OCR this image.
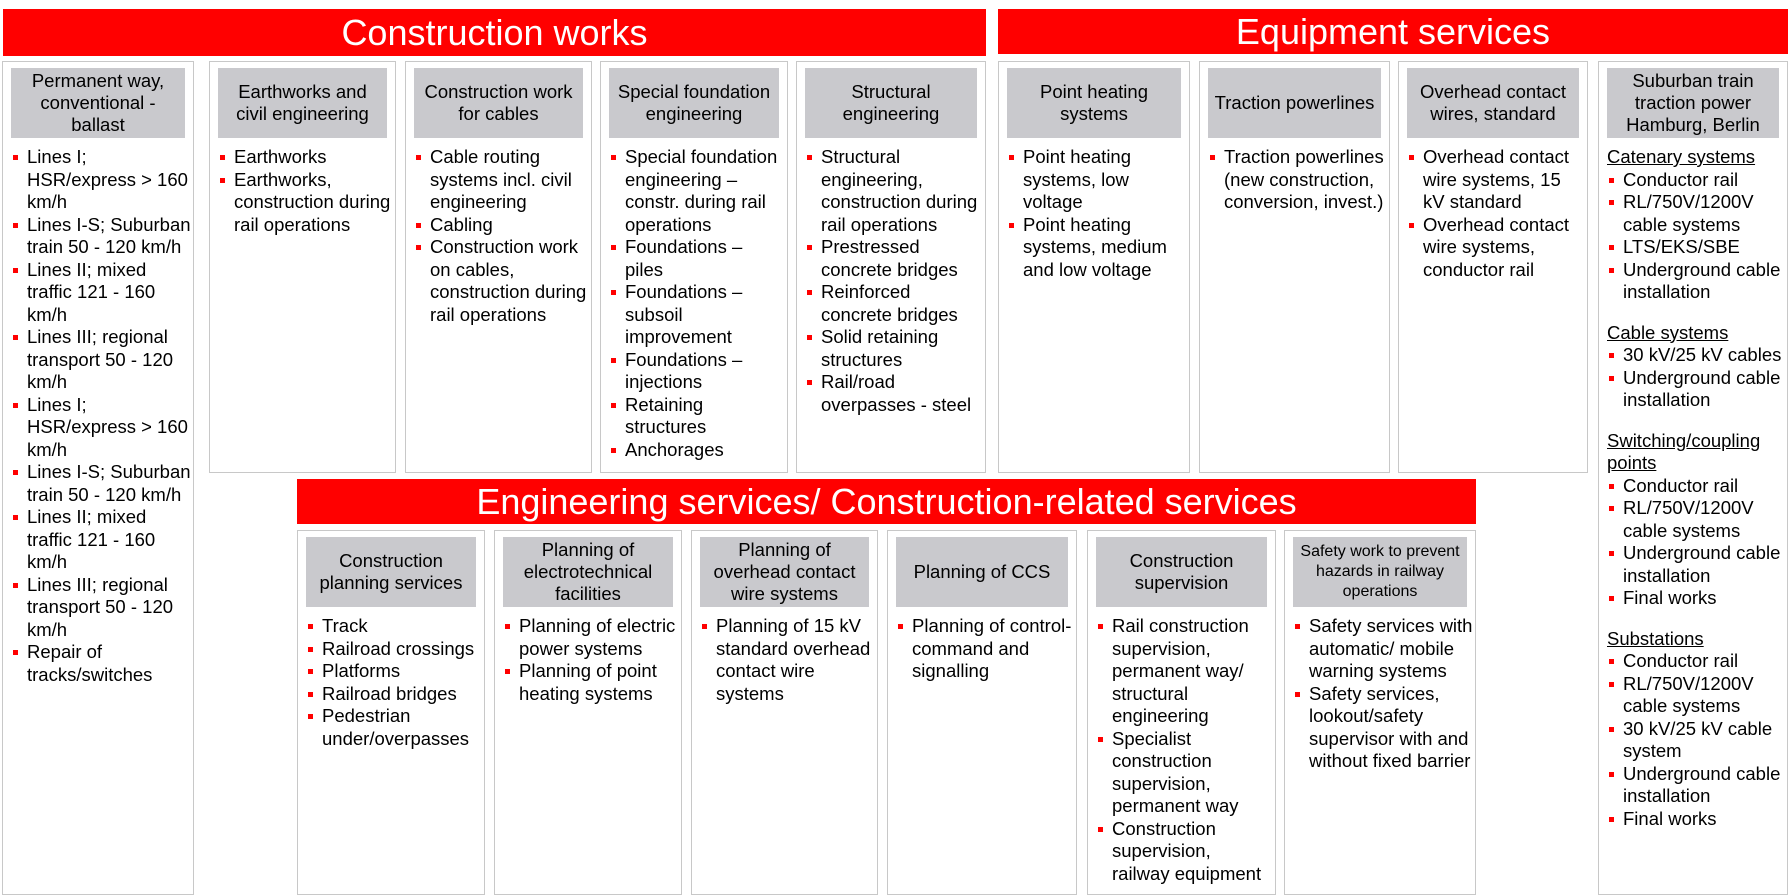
Construction works	Equipment services
Engineering services/ Construction-related services
Permanent way, conventional - ballast
Lines I; HSR/express > 160 km/h
Lines I-S; Suburban train 50 - 120 km/h
Lines II; mixed traffic 121 - 160 km/h
Lines III; regional transport 50 - 120 km/h
Lines I; HSR/express > 160 km/h
Lines I-S; Suburban train 50 - 120 km/h
Lines II; mixed traffic 121 - 160 km/h
Lines III; regional transport 50 - 120 km/h
Repair of tracks/switches
Earthworks and civil engineering
Earthworks
Earthworks, construction during rail operations
Construction work for cables
Cable routing systems incl. civil engineering
Cabling
Construction work on cables, construction during rail operations
Special foundation engineering
Special foundation engineering – constr. during rail operations
Foundations – piles
Foundations – subsoil improvement
Foundations – injections
Retaining structures
Anchorages
Structural engineering
Structural engineering, construction during rail operations
Prestressed concrete bridges
Reinforced concrete bridges
Solid retaining structures
Rail/road overpasses - steel
Point heating systems
Point heating systems, low voltage
Point heating systems, medium and low voltage
Traction powerlines
Traction powerlines (new construction, conversion, invest.)
Overhead contact wires, standard
Overhead contact wire systems, 15 kV standard
Overhead contact wire systems, conductor rail
Suburban train traction power Hamburg, Berlin
Catenary systems
Conductor rail
RL/750V/1200V cable systems
LTS/EKS/SBE
Underground cable installation
Cable systems
30 kV/25 kV cables
Underground cable installation
Switching/coupling points
Conductor rail
RL/750V/1200V cable systems
Underground cable installation
Final works
Substations
Conductor rail
RL/750V/1200V cable systems
30 kV/25 kV cable system
Underground cable installation
Final works
Construction planning services
Track
Railroad crossings
Platforms
Railroad bridges
Pedestrian under/overpasses
Planning of electrotechnical facilities
Planning of electric power systems
Planning of point heating systems
Planning of overhead contact wire systems
Planning of 15 kV standard overhead contact wire systems
Planning of CCS
Planning of control-command and signalling
Construction supervision
Rail construction supervision, permanent way/ structural engineering
Specialist construction supervision, permanent way
Construction supervision, railway equipment
Safety work to prevent hazards in railway operations
Safety services with automatic/ mobile warning systems
Safety services, lookout/safety supervisor with and without fixed barrier
